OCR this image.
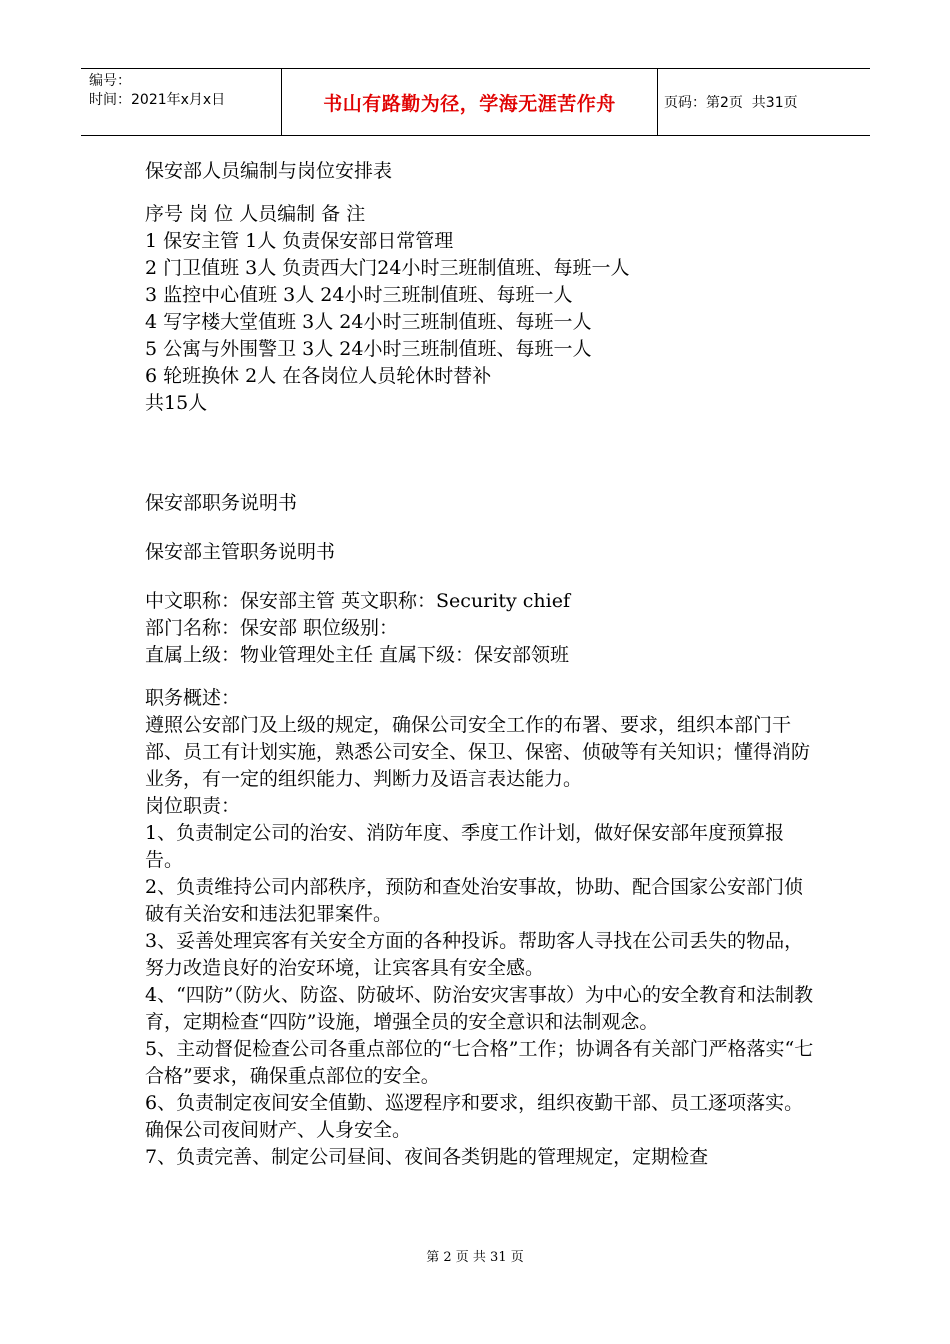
编号：
时间：2021年x月x日	书山有路勤为径，学海无涯苦作舟	页码：第2页  共31页

保安部人员编制与岗位安排表

序号 岗 位 人员编制 备 注

1 保安主管 1人 负责保安部日常管理

2 门卫值班 3人 负责西大门24小时三班制值班、每班一人

3 监控中心值班 3人 24小时三班制值班、每班一人

4 写字楼大堂值班 3人 24小时三班制值班、每班一人

5 公寓与外围警卫 3人 24小时三班制值班、每班一人

6 轮班换休 2人 在各岗位人员轮休时替补

共15人

保安部职务说明书

保安部主管职务说明书

中文职称：保安部主管 英文职称：Security chief

部门名称：保安部 职位级别：

直属上级：物业管理处主任 直属下级：保安部领班

职务概述：

遵照公安部门及上级的规定，确保公司安全工作的布署、要求，组织本部门干部、员工有计划实施，熟悉公司安全、保卫、保密、侦破等有关知识；懂得消防业务，有一定的组织能力、判断力及语言表达能力。

岗位职责：

1、负责制定公司的治安、消防年度、季度工作计划，做好保安部年度预算报告。

2、负责维持公司内部秩序，预防和查处治安事故，协助、配合国家公安部门侦破有关治安和违法犯罪案件。

3、妥善处理宾客有关安全方面的各种投诉。帮助客人寻找在公司丢失的物品，努力改造良好的治安环境，让宾客具有安全感。

4、“四防”（防火、防盗、防破坏、防治安灾害事故）为中心的安全教育和法制教育，定期检查“四防”设施，增强全员的安全意识和法制观念。

5、主动督促检查公司各重点部位的“七合格”工作；协调各有关部门严格落实“七合格”要求，确保重点部位的安全。

6、负责制定夜间安全值勤、巡逻程序和要求，组织夜勤干部、员工逐项落实。确保公司夜间财产、人身安全。

7、负责完善、制定公司昼间、夜间各类钥匙的管理规定，定期检查

第 2 页 共 31 页
